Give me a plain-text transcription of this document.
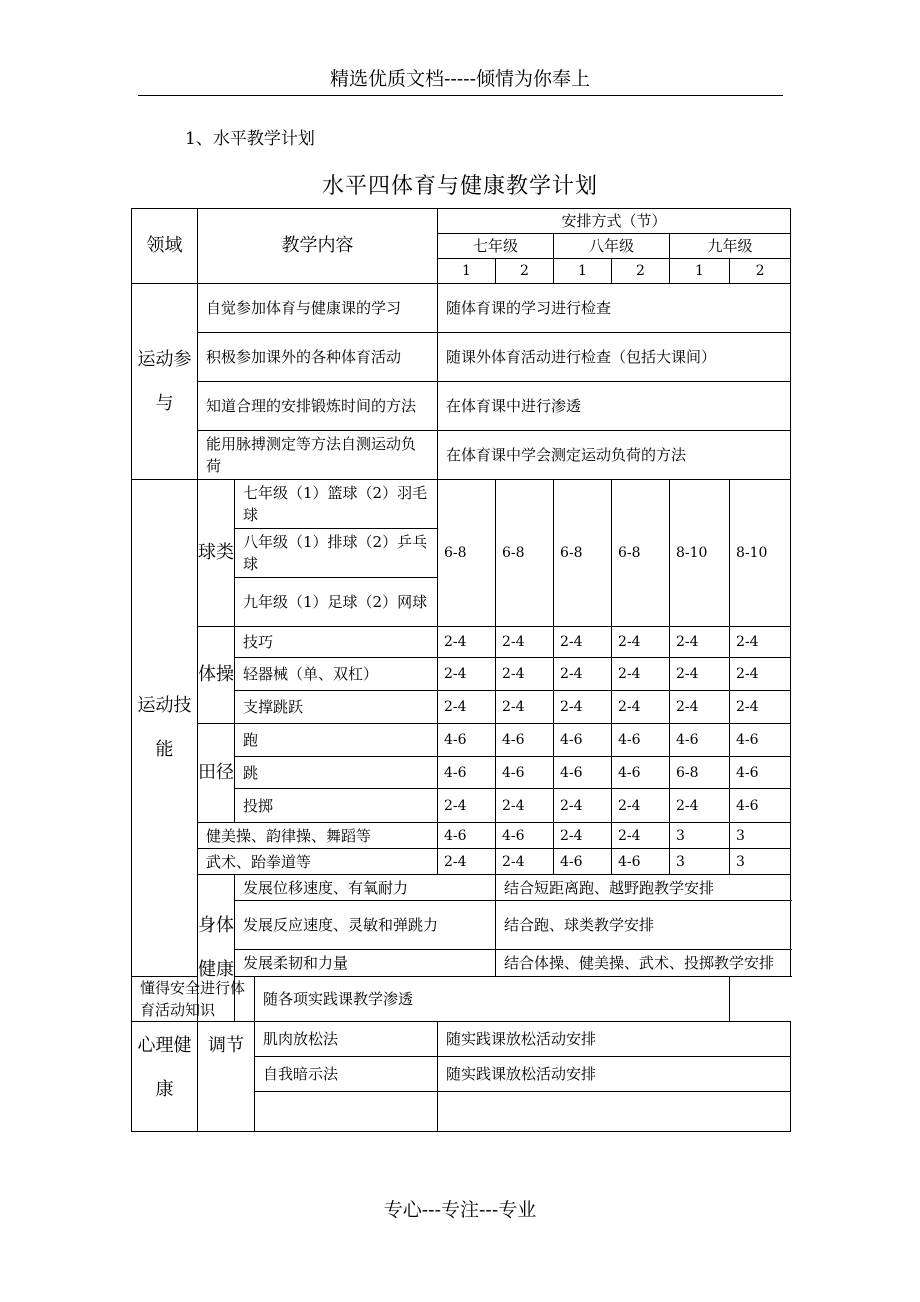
精选优质文档-----倾情为你奉上
1、水平教学计划
水平四体育与健康教学计划
领域	教学内容			安排方式（节）					
				七年级		八年级		九年级	
				1	2	1	2	1	2
运动参与	自觉参加体育与健康课的学习			随体育课的学习进行检查					
	积极参加课外的各种体育活动			随课外体育活动进行检查（包括大课间）					
	知道合理的安排锻炼时间的方法			在体育课中进行渗透					
	能用脉搏测定等方法自测运动负荷			在体育课中学会测定运动负荷的方法					
运动技能	球类	七年级（1）篮球（2）羽毛球		6-8	6-8	6-8	6-8	8-10	8-10
		八年级（1）排球（2）乒乓球							
		九年级（1）足球（2）网球							
	体操	技巧		2-4	2-4	2-4	2-4	2-4	2-4
		轻器械（单、双杠）		2-4	2-4	2-4	2-4	2-4	2-4
		支撑跳跃		2-4	2-4	2-4	2-4	2-4	2-4
	田径	跑		4-6	4-6	4-6	4-6	4-6	4-6
		跳		4-6	4-6	4-6	4-6	6-8	4-6
		投掷		2-4	2-4	2-4	2-4	2-4	4-6
	健美操、韵律操、舞蹈等			4-6	4-6	2-4	2-4	3	3
	武术、跆拳道等			2-4	2-4	4-6	4-6	3	3
	身体健康	发展位移速度、有氧耐力			结合短距离跑、越野跑教学安排				
		发展反应速度、灵敏和弹跳力			结合跑、球类教学安排				
		发展柔韧和力量			结合体操、健美操、武术、投掷教学安排				
懂得安全进行体育活动知识			随各项实践课教学渗透						
心理健康	调节		肌肉放松法	随实践课放松活动安排					
			自我暗示法	随实践课放松活动安排					

专心---专注---专业
